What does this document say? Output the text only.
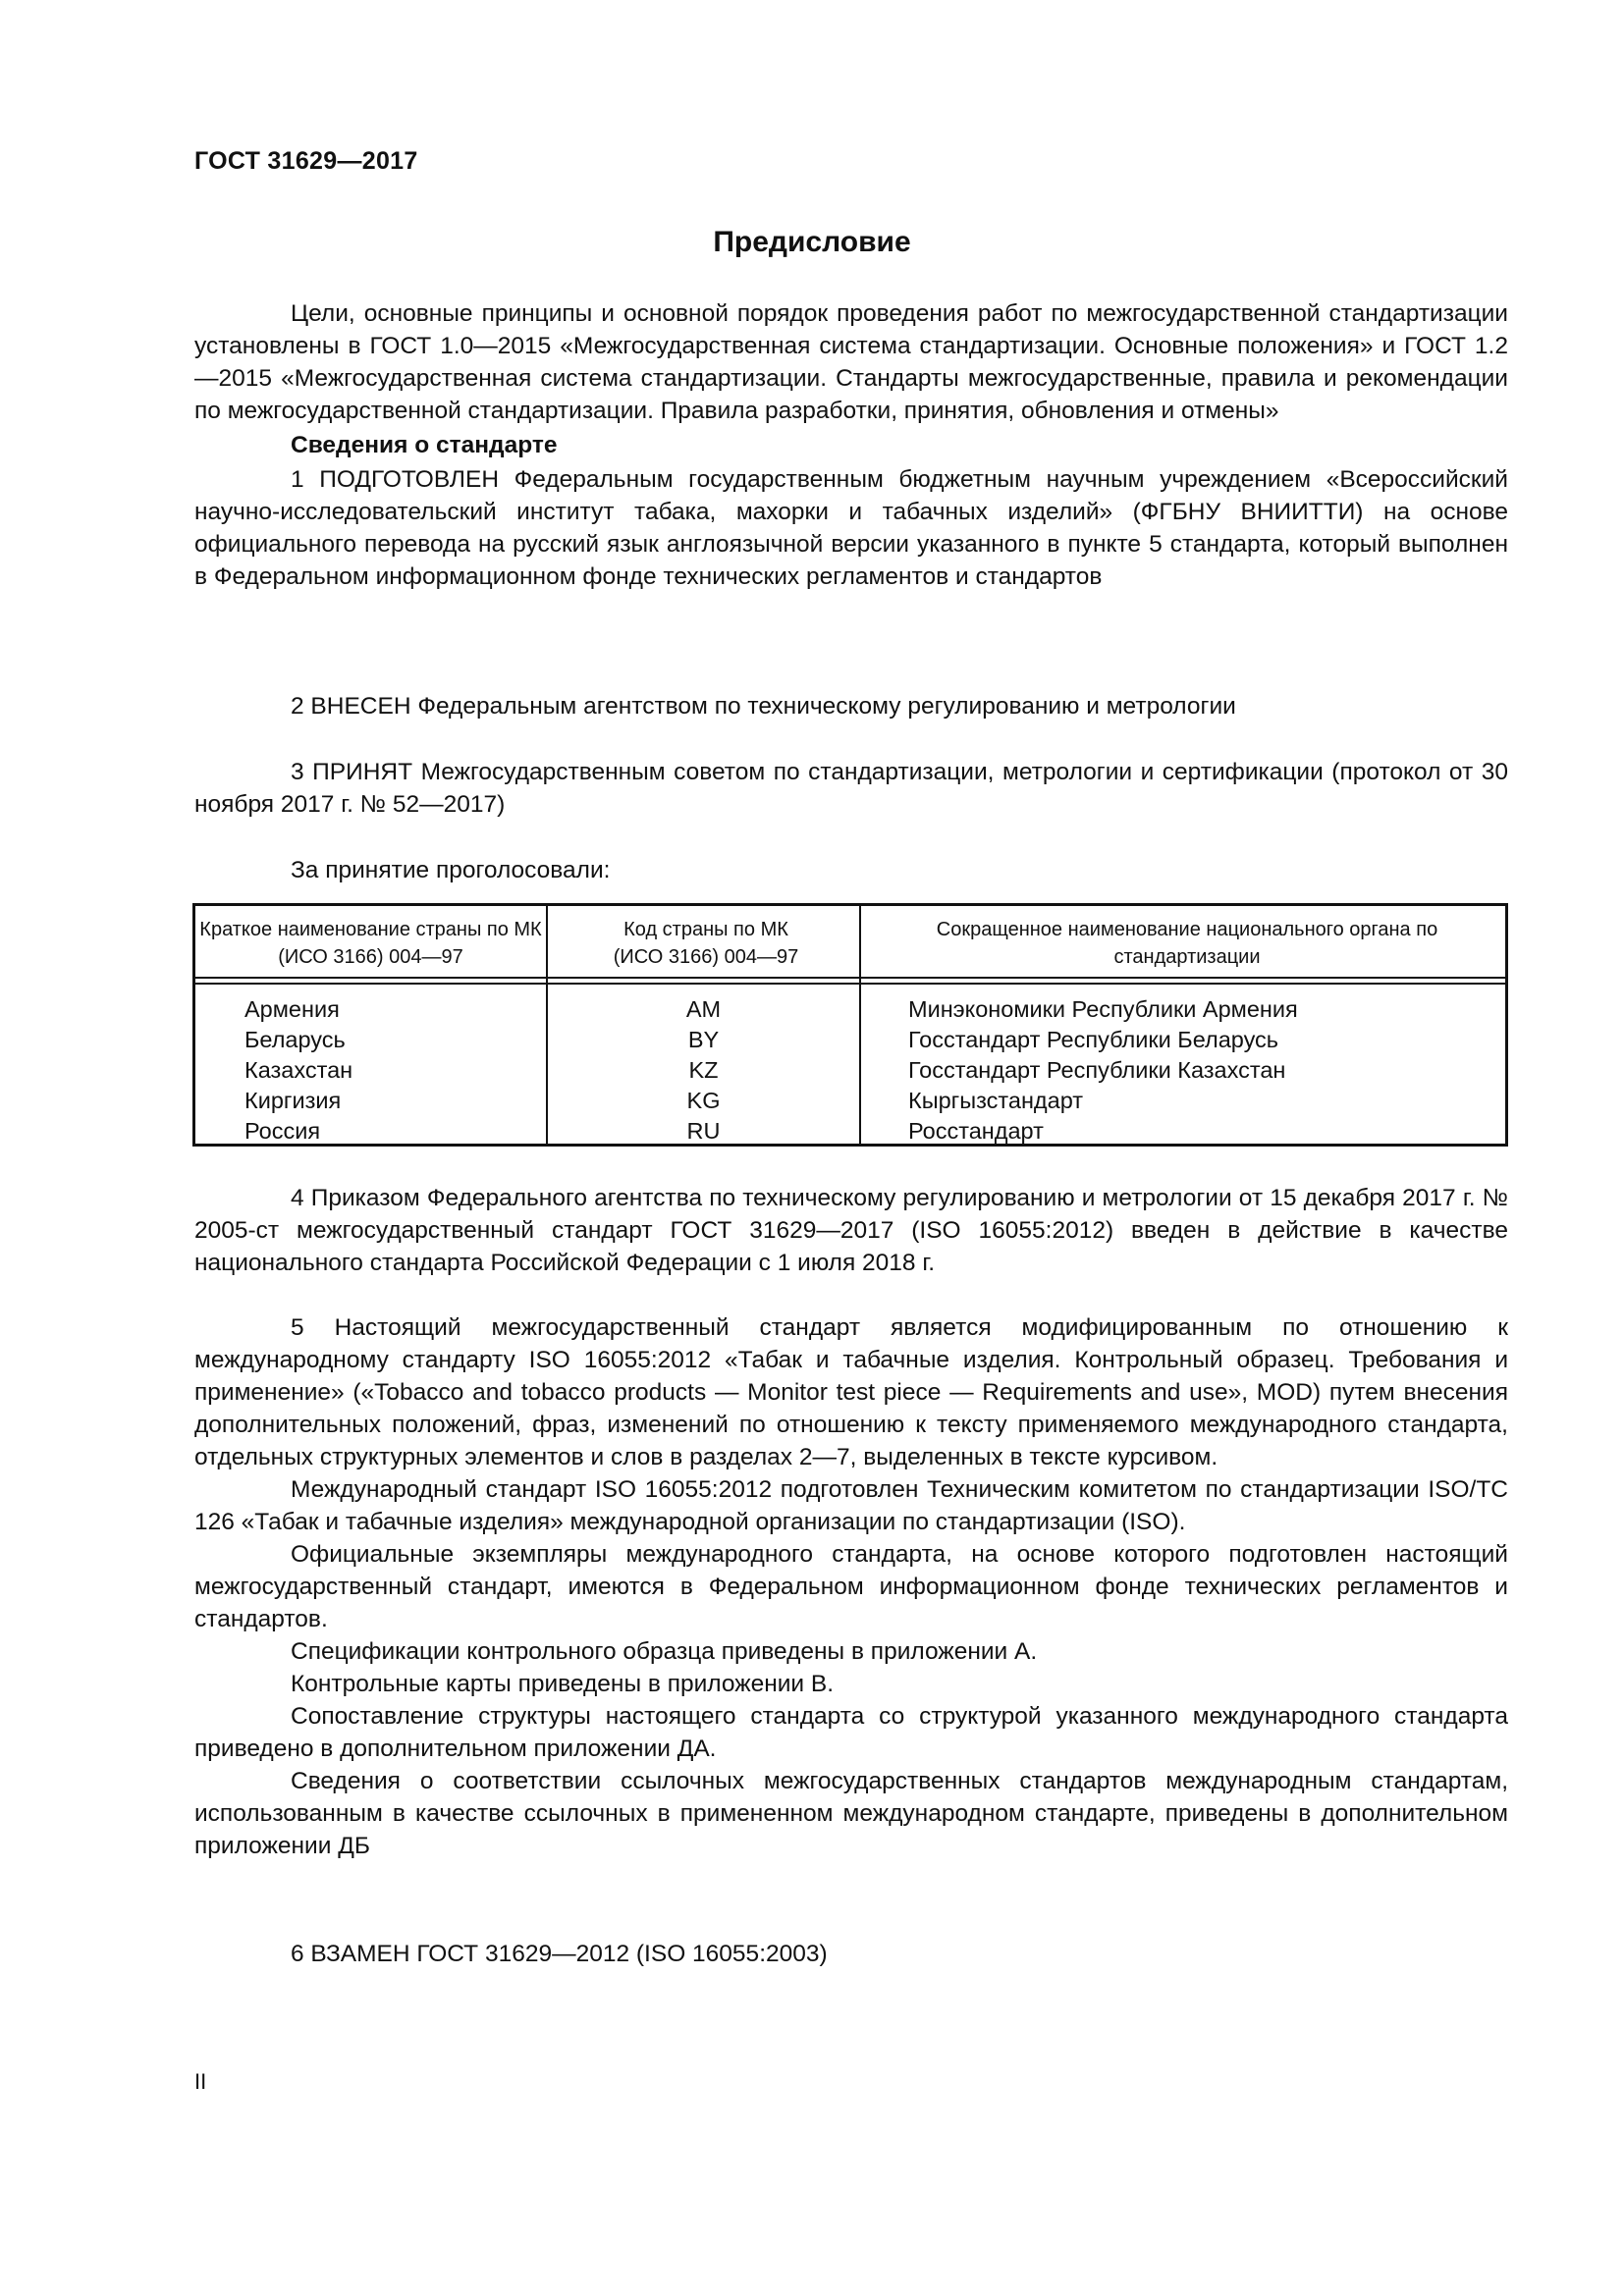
ГОСТ 31629—2017
Предисловие

Цели, основные принципы и основной порядок проведения работ по межгосударственной стандартизации установлены в ГОСТ 1.0—2015 «Межгосударственная система стандартизации. Основные положения» и ГОСТ 1.2—2015 «Межгосударственная система стандартизации. Стандарты межгосударственные, правила и рекомендации по межгосударственной стандартизации. Правила разработки, принятия, обновления и отмены»

Сведения о стандарте

1 ПОДГОТОВЛЕН Федеральным государственным бюджетным научным учреждением «Всероссийский научно-исследовательский институт табака, махорки и табачных изделий» (ФГБНУ ВНИИТТИ) на основе официального перевода на русский язык англоязычной версии указанного в пункте 5 стандарта, который выполнен в Федеральном информационном фонде технических регламентов и стандартов

2 ВНЕСЕН Федеральным агентством по техническому регулированию и метрологии

3 ПРИНЯТ Межгосударственным советом по стандартизации, метрологии и сертификации (протокол от 30 ноября 2017 г. № 52—2017)

За принятие проголосовали:

Краткое наименование страны по МК (ИСО 3166) 004—97
Код страны по МК (ИСО 3166) 004—97
Сокращенное наименование национального органа по стандартизации
Армения
Беларусь
Казахстан
Киргизия
Россия
AM
BY
KZ
KG
RU
Минэкономики Республики Армения
Госстандарт Республики Беларусь
Госстандарт Республики Казахстан
Кыргызстандарт
Росстандарт

4 Приказом Федерального агентства по техническому регулированию и метрологии от 15 декабря 2017 г. № 2005-ст межгосударственный стандарт ГОСТ 31629—2017 (ISO 16055:2012) введен в действие в качестве национального стандарта Российской Федерации с 1 июля 2018 г.

5 Настоящий межгосударственный стандарт является модифицированным по отношению к международному стандарту ISO 16055:2012 «Табак и табачные изделия. Контрольный образец. Требования и применение» («Tobacco and tobacco products — Monitor test piece — Requirements and use», MOD) путем внесения дополнительных положений, фраз, изменений по отношению к тексту применяемого международного стандарта, отдельных структурных элементов и слов в разделах 2—7, выделенных в тексте курсивом.

Международный стандарт ISO 16055:2012 подготовлен Техническим комитетом по стандартизации ISO/TC 126 «Табак и табачные изделия» международной организации по стандартизации (ISO).

Официальные экземпляры международного стандарта, на основе которого подготовлен настоящий межгосударственный стандарт, имеются в Федеральном информационном фонде технических регламентов и стандартов.

Спецификации контрольного образца приведены в приложении А.

Контрольные карты приведены в приложении В.

Сопоставление структуры настоящего стандарта со структурой указанного международного стандарта приведено в дополнительном приложении ДА.

Сведения о соответствии ссылочных межгосударственных стандартов международным стандартам, использованным в качестве ссылочных в примененном международном стандарте, приведены в дополнительном приложении ДБ

6 ВЗАМЕН ГОСТ 31629—2012 (ISO 16055:2003)

II
